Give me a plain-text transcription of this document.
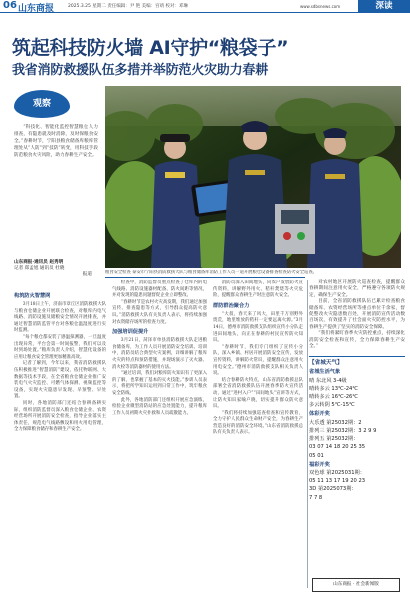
06 山东商报	2025.3.25 星期二 责任编辑：尹 艳 美编：宫靖 校对：邓琳	www.sdbsnews.com	深读
筑起科技防火墙 AI守护“粮袋子”
我省消防救援队伍多措并举防范火灾助力春耕
观察

“科技化、智能化监控智慧粮仓人力排查，有隐患就及时消除，及时保粮食安全。”春耕时节，宁阳县粮食储备库粮库管理处从“人防”到“技防”转变，用科技手段防范粮食火灾风险，助力春耕生产安全。

山东商报·通讯员 赵秀明
记者 郑孟旭 通讯员 杜晓
报道	粮食安全检查 泰安市宁阳县消防救援大队与粮食储备库消防工作人员一道开展粮仓设备排查检查防火安全巡查。
构筑防火智慧网

3月18日上午，济南市章丘区消防救援大队与粮食仓储企业开展联合检查，对粮库内电气线路、消防设施及储粮安全情况开展排查，并通过智慧消防监管平台对各粮仓温湿度进行实时监测。

“每个粮仓都安装了感温探测器，一旦温度出现异常，平台会第一时间报警，我们可以及时到场处置。”粮库负责人介绍，智慧化设备的应用让粮食安全管理更加精准高效。

记者了解到，今年以来，我省消防救援队伍积极推进“智慧消防”建设，依托物联网、大数据等技术手段，在全省粮食仓储企业推广安装电气火灾监控、可燃气体探测、视频监控等设备，实现火灾隐患早发现、早预警、早处置。

同时，各地消防部门还结合春耕备耕实际，组织消防监督员深入粮食仓储企业、农资经营场所开展消防安全检查，指导企业落实主体责任，规范电气线路敷设和用火用电管理，全力保障粮食储存和春耕生产安全。

检查中，消防监督员重点检查了仓库内的电气线路、消防设施器材配备、防火间距等情况，并对发现的隐患问题督促企业立即整改。

“春耕时节是农村火灾高发期，我们通过加强宣传、排查隐患等方式，引导群众提高防火意识。”消防救援大队有关负责人表示，将持续加强对农资储存场所的检查力度。

加强培训促提升

3月21日，菏泽市单县消防救援大队走进粮食储备库，为工作人员开展消防安全培训。培训中，消防员结合典型火灾案例，详细讲解了粮库火灾的特点和预防措施，并现场演示了灭火器、消火栓等消防器材的使用方法。

“通过培训，我们对粮库防火知识有了更深入的了解，也掌握了基本的灭火技能。”参训人员表示，将把所学知识运用到日常工作中，筑牢粮食安全防线。

此外，各地消防部门还组织开展应急演练，检验企业微型消防站的应急处置能力，提升粮库工作人员初期火灾扑救和人员疏散能力。

消防员深入田间地头，向农户发放防火宣传资料，讲解野外用火、秸秆焚烧等火灾危险，提醒群众春耕生产时注意防火安全。

群防群治聚合力

“大叔，春天来了风大，田里千万别野外烧荒，地里堆放的秸秆一定要远离火源。”3月14日，德州市消防救援支队组织宣传小分队走进田间地头，向正在春耕的村民宣传防火知识。

“春耕时节，我们专门组织了宣传小分队，深入乡镇、村居开展消防安全宣传，发放宣传资料，讲解防火常识，提醒群众注意用火用电安全。”德州市消防救援支队相关负责人说。

结合春耕防火特点，山东省消防救援总队部署全省消防救援队伍开展春季防火宣传活动，通过“进村入户”“田间地头”宣讲等方式，让防火知识家喻户晓，切实提升群众防火意识。

“我们将持续加强巡查检查和宣传教育，全力守护人民群众生命财产安全，为春耕生产营造良好的消防安全环境。”山东省消防救援总队有关负责人表示。

对农村地区开展防火巡查检查，提醒群众春耕期间注意用火安全，严格遵守各项防火规定，确保生产安全。

目前，全省消防救援队伍已累计检查粮食储备库、农资经营场所等重点单位千余家，督促整改火灾隐患数百处，开展消防宣传活动数百场次，有效提升了社会面火灾防控水平，为春耕生产提供了坚实的消防安全保障。

“我们将紧盯春季火灾防控重点，持续深化消防安全检查和宣传，全力保障春耕生产安全。”

【省城天气】
省城生活气象
晴 东北风 3-4级
晴转多云 13℃-24℃
晴转多云 16℃-26℃
多云转阴 5℃-15℃
体彩开奖
大乐透 第25032期：2
排列三 第25032期：3 2 9 9
排列五 第25032期：
03 07 14 18 20 25 35
05 01
福彩开奖
双色球 第2025031期：
05 11 13 17 19 20 23
3D 第2025073期：
7 7 8
山东商报 · 社会新闻版
